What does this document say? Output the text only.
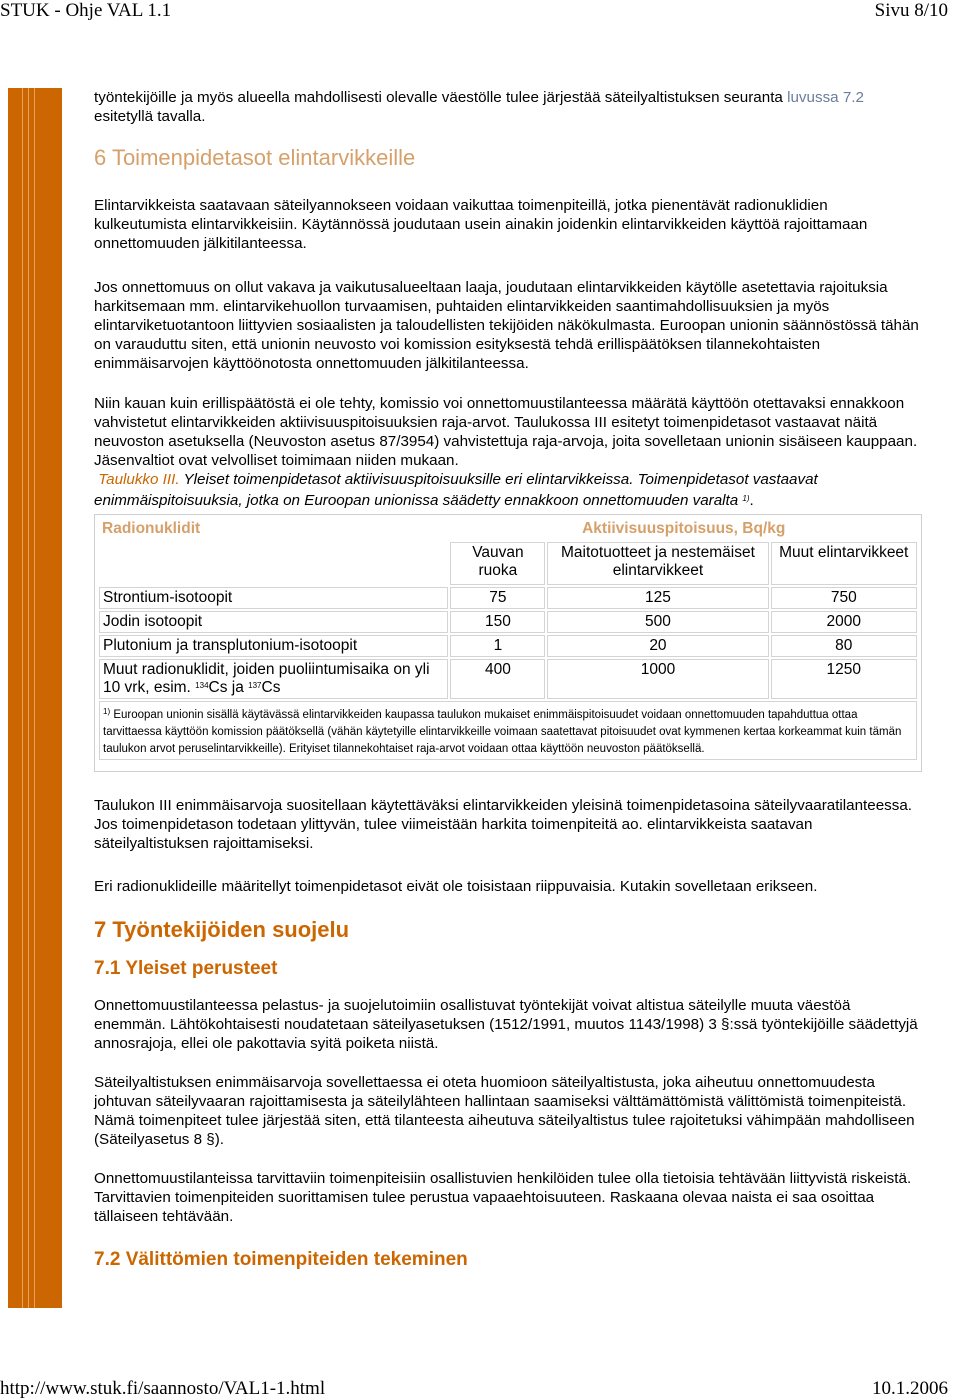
STUK - Ohje VAL 1.1	Sivu 8/10

työntekijöille ja myös alueella mahdollisesti olevalle väestölle tulee järjestää säteilyaltistuksen seuranta luvussa 7.2 esitetyllä tavalla.

6 Toimenpidetasot elintarvikkeille

Elintarvikkeista saatavaan säteilyannokseen voidaan vaikuttaa toimenpiteillä, jotka pienentävät radionuklidien kulkeutumista elintarvikkeisiin. Käytännössä joudutaan usein ainakin joidenkin elintarvikkeiden käyttöä rajoittamaan onnettomuuden jälkitilanteessa.

Jos onnettomuus on ollut vakava ja vaikutusalueeltaan laaja, joudutaan elintarvikkeiden käytölle asetettavia rajoituksia harkitsemaan mm. elintarvikehuollon turvaamisen, puhtaiden elintarvikkeiden saantimahdollisuuksien ja myös elintarviketuotantoon liittyvien sosiaalisten ja taloudellisten tekijöiden näkökulmasta. Euroopan unionin säännöstössä tähän on varauduttu siten, että unionin neuvosto voi komission esityksestä tehdä erillispäätöksen tilannekohtaisten enimmäisarvojen käyttöönotosta onnettomuuden jälkitilanteessa.

Niin kauan kuin erillispäätöstä ei ole tehty, komissio voi onnettomuustilanteessa määrätä käyttöön otettavaksi ennakkoon vahvistetut elintarvikkeiden aktiivisuuspitoisuuksien raja-arvot. Taulukossa III esitetyt toimenpidetasot vastaavat näitä neuvoston asetuksella (Neuvoston asetus 87/3954) vahvistettuja raja-arvoja, joita sovelletaan unionin sisäiseen kauppaan. Jäsenvaltiot ovat velvolliset toimimaan niiden mukaan.
Taulukko III. Yleiset toimenpidetasot aktiivisuuspitoisuuksille eri elintarvikkeissa. Toimenpidetasot vastaavat enimmäispitoisuuksia, jotka on Euroopan unionissa säädetty ennakkoon onnettomuuden varalta $^{1)}$.

Radionuklidit	Aktiivisuuspitoisuus, Bq/kg		
	Vauvan ruoka	Maitotuotteet ja nestemäiset elintarvikkeet	Muut elintarvikkeet
Strontium-isotoopit	75	125	750
Jodin isotoopit	150	500	2000
Plutonium ja transplutonium-isotoopit	1	20	80
Muut radionuklidit, joiden puoliintumisaika on yli 10 vrk, esim. $^{134}$Cs ja $^{137}$Cs	400	1000	1250
$^{1)}$ Euroopan unionin sisällä käytävässä elintarvikkeiden kaupassa taulukon mukaiset enimmäispitoisuudet voidaan onnettomuuden tapahduttua ottaa tarvittaessa käyttöön komission päätöksellä (vähän käytetyille elintarvikkeille voimaan saatettavat pitoisuudet ovat kymmenen kertaa korkeammat kuin tämän taulukon arvot peruselintarvikkeille). Erityiset tilannekohtaiset raja-arvot voidaan ottaa käyttöön neuvoston päätöksellä.			

Taulukon III enimmäisarvoja suositellaan käytettäväksi elintarvikkeiden yleisinä toimenpidetasoina säteilyvaaratilanteessa. Jos toimenpidetason todetaan ylittyvän, tulee viimeistään harkita toimenpiteitä ao. elintarvikkeista saatavan säteilyaltistuksen rajoittamiseksi.

Eri radionuklideille määritellyt toimenpidetasot eivät ole toisistaan riippuvaisia. Kutakin sovelletaan erikseen.

7 Työntekijöiden suojelu
7.1 Yleiset perusteet

Onnettomuustilanteessa pelastus- ja suojelutoimiin osallistuvat työntekijät voivat altistua säteilylle muuta väestöä enemmän. Lähtökohtaisesti noudatetaan säteilyasetuksen (1512/1991, muutos 1143/1998) 3 §:ssä työntekijöille säädettyjä annosrajoja, ellei ole pakottavia syitä poiketa niistä.

Säteilyaltistuksen enimmäisarvoja sovellettaessa ei oteta huomioon säteilyaltistusta, joka aiheutuu onnettomuudesta johtuvan säteilyvaaran rajoittamisesta ja säteilylähteen hallintaan saamiseksi välttämättömistä välittömistä toimenpiteistä. Nämä toimenpiteet tulee järjestää siten, että tilanteesta aiheutuva säteilyaltistus tulee rajoitetuksi vähimpään mahdolliseen (Säteilyasetus 8 §).

Onnettomuustilanteissa tarvittaviin toimenpiteisiin osallistuvien henkilöiden tulee olla tietoisia tehtävään liittyvistä riskeistä. Tarvittavien toimenpiteiden suorittamisen tulee perustua vapaaehtoisuuteen. Raskaana olevaa naista ei saa osoittaa tällaiseen tehtävään.

7.2 Välittömien toimenpiteiden tekeminen
http://www.stuk.fi/saannosto/VAL1-1.html	10.1.2006
